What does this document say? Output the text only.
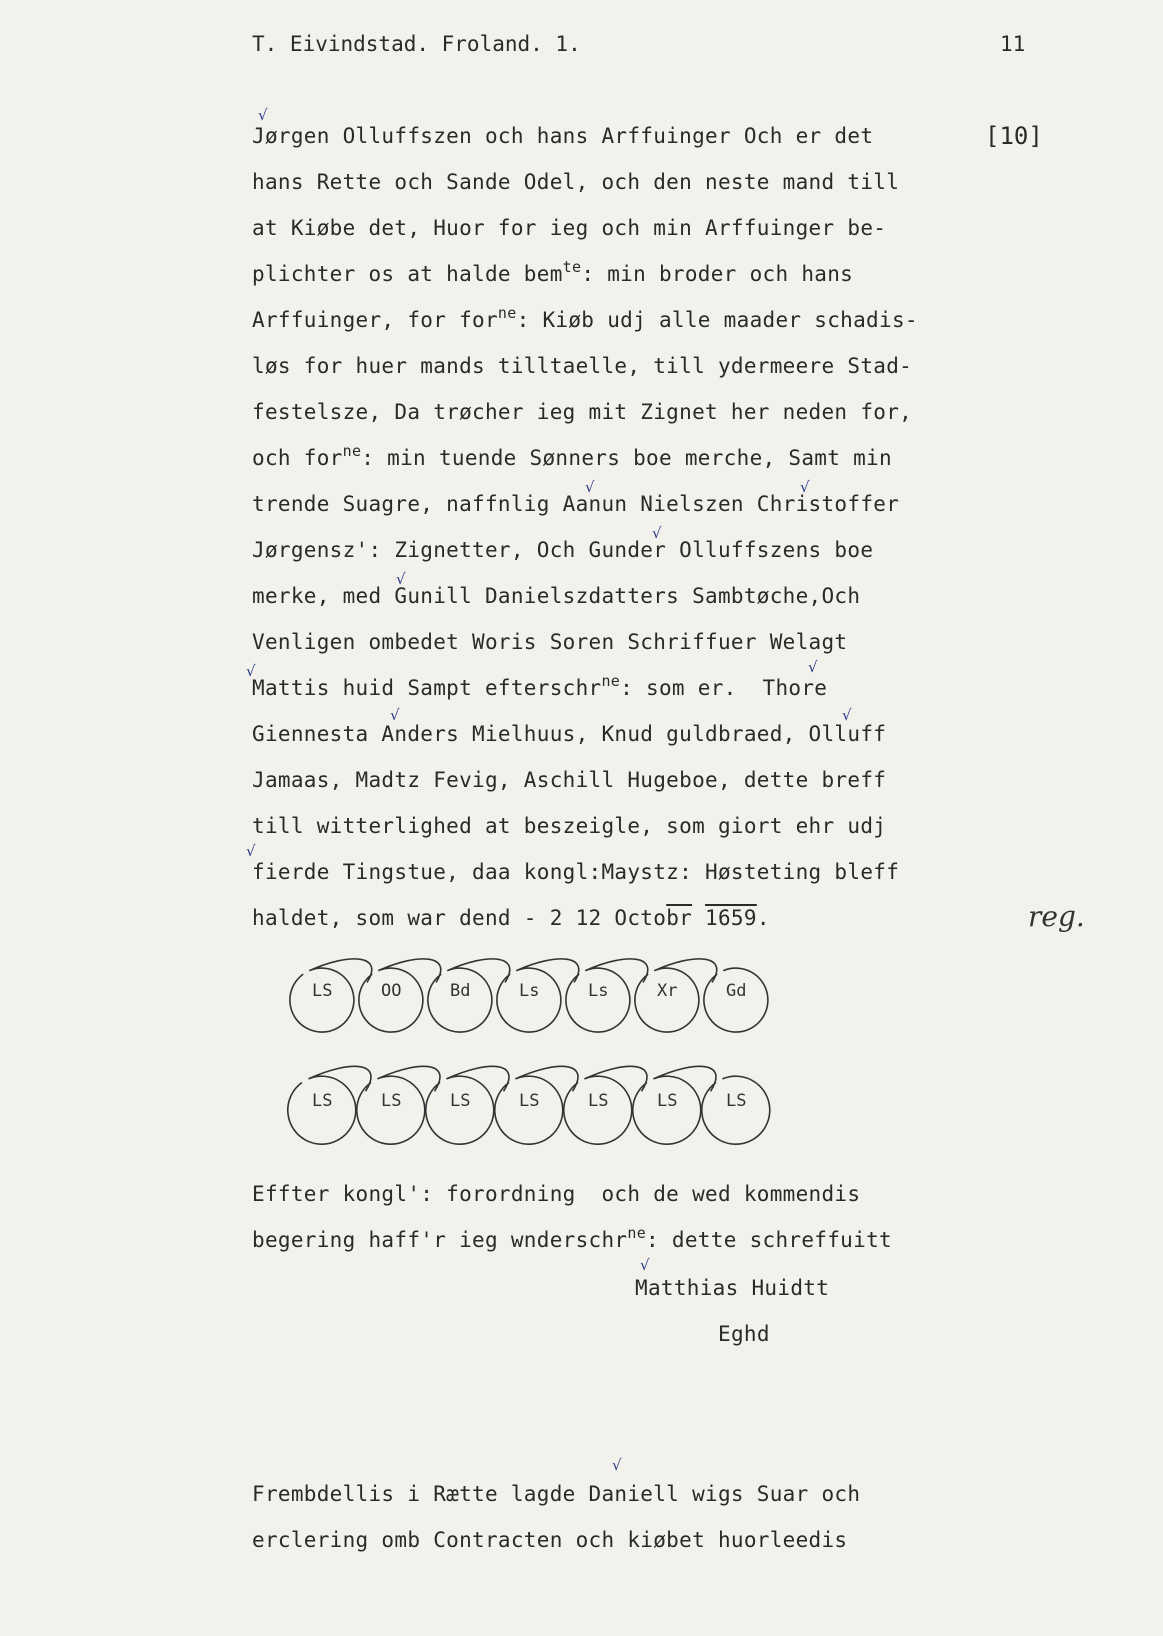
T. Eivindstad. Froland. 1.	11
[10]
Jørgen Olluffszen och hans Arffuinger Och er det
hans Rette och Sande Odel, och den neste mand till
at Kiøbe det, Huor for ieg och min Arffuinger be-
plichter os at halde bem$^{te}$: min broder och hans
Arffuinger, for for$^{ne}$: Kiøb udj alle maader schadis-
løs for huer mands tilltaelle, till ydermeere Stad-
festelsze, Da trøcher ieg mit Zignet her neden for,
och for$^{ne}$: min tuende Sønners boe merche, Samt min
trende Suagre, naffnlig Aanun Nielszen Christoffer
Jørgensz': Zignetter, Och Gunder Olluffszens boe
merke, med Gunill Danielszdatters Sambtøche,Och
Venligen ombedet Woris Soren Schriffuer Welagt
Mattis huid Sampt efterschr$^{ne}$: som er.  Thore
Giennesta Anders Mielhuus, Knud guldbraed, Olluff
Jamaas, Madtz Fevig, Aschill Hugeboe, dette breff
till witterlighed at beszeigle, som giort ehr udj
fierde Tingstue, daa kongl:Maystz: Høsteting bleff
haldet, som war dend - 2 12 $Octo\overline{br}$ 1659.
√
√	√
√
√
√	√
√	√
√
√
√
reg.
LS	OO	Bd	Ls	Ls	Xr	Gd
LS	LS	LS	LS	LS	LS	LS
Effter kongl': forordning  och de wed kommendis
begering haff'r ieg wnderschr$^{ne}$: dette schreffuitt
Matthias Huidtt
Eghd
Frembdellis i Rætte lagde Daniell wigs Suar och
erclering omb Contracten och kiøbet huorleedis
